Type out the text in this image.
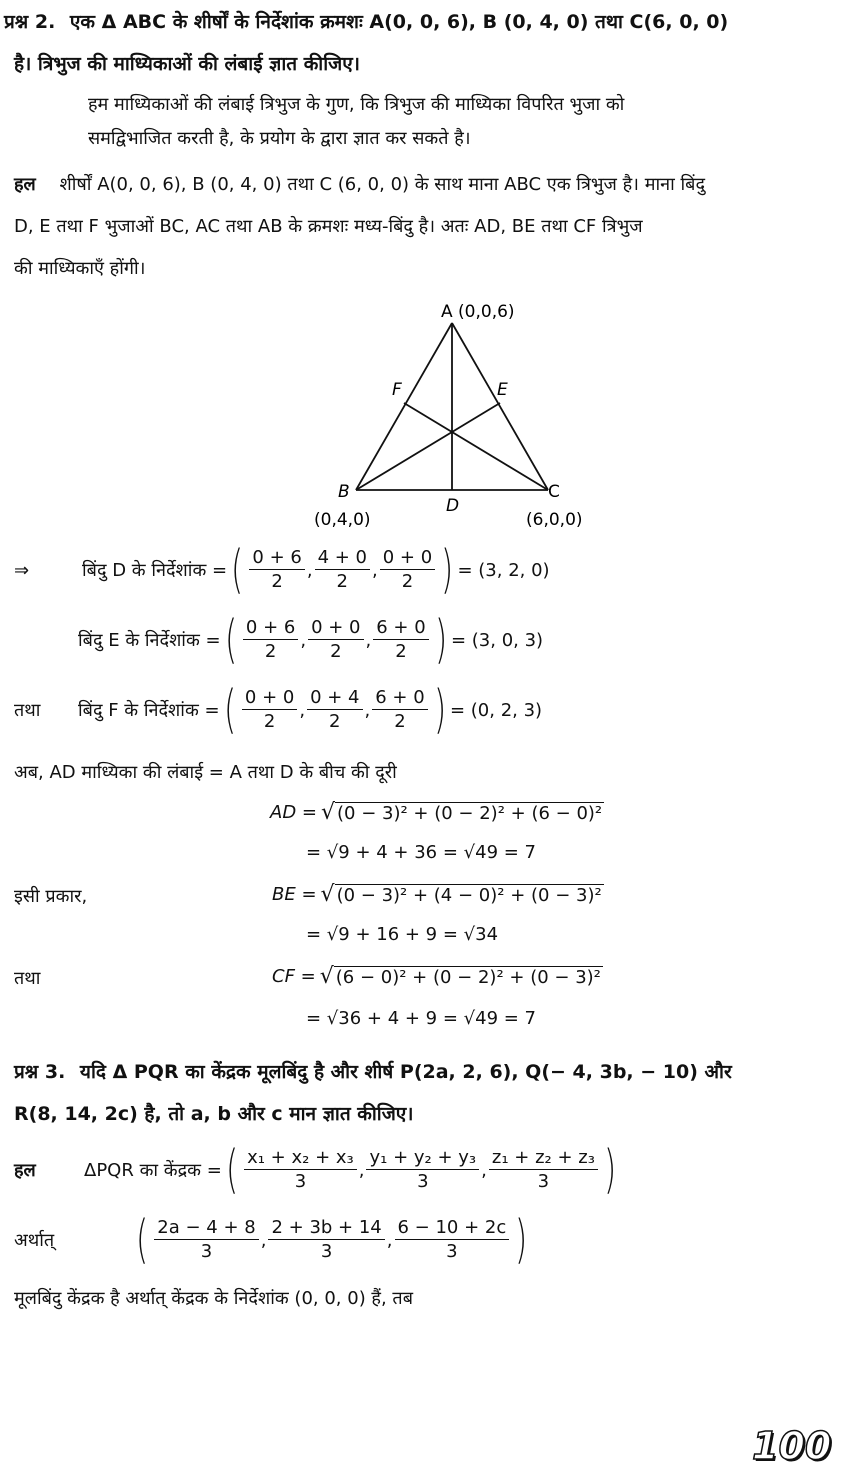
प्रश्न 2. एक Δ ABC के शीर्षों के निर्देशांक क्रमशः A(0, 0, 6), B (0, 4, 0) तथा C(6, 0, 0)
है। त्रिभुज की माध्यिकाओं की लंबाई ज्ञात कीजिए।
हम माध्यिकाओं की लंबाई त्रिभुज के गुण, कि त्रिभुज की माध्यिका विपरित भुजा को
समद्विभाजित करती है, के प्रयोग के द्वारा ज्ञात कर सकते है।
हल शीर्षों A(0, 0, 6), B (0, 4, 0) तथा C (6, 0, 0) के साथ माना ABC एक त्रिभुज है। माना बिंदु
D, E तथा F भुजाओं BC, AC तथा AB के क्रमशः मध्य-बिंदु है। अतः AD, BE तथा CF त्रिभुज
की माध्यिकाएँ होंगी।
A (0,0,6)
F	E
B	C
D
(0,4,0)	(6,0,0)
⇒	बिंदु D के निर्देशांक = ( $\frac{0 + 6}{2}$ , $\frac{4 + 0}{2}$ , $\frac{0 + 0}{2}$ ) = (3, 2, 0)
बिंदु E के निर्देशांक = ( $\frac{0 + 6}{2}$ , $\frac{0 + 0}{2}$ , $\frac{6 + 0}{2}$ ) = (3, 0, 3)
तथा	बिंदु F के निर्देशांक = ( $\frac{0 + 0}{2}$ , $\frac{0 + 4}{2}$ , $\frac{6 + 0}{2}$ ) = (0, 2, 3)
अब, AD माध्यिका की लंबाई = A तथा D के बीच की दूरी
AD = √ (0 − 3)² + (0 − 2)² + (6 − 0)²
= √9 + 4 + 36 = √49 = 7
इसी प्रकार,	BE = √ (0 − 3)² + (4 − 0)² + (0 − 3)²
= √9 + 16 + 9 = √34
तथा	CF = √ (6 − 0)² + (0 − 2)² + (0 − 3)²
= √36 + 4 + 9 = √49 = 7
प्रश्न 3. यदि Δ PQR का केंद्रक मूलबिंदु है और शीर्ष P(2a, 2, 6), Q(− 4, 3b, − 10) और
R(8, 14, 2c) है, तो a, b और c मान ज्ञात कीजिए।
हल	ΔPQR का केंद्रक = ( $\frac{\text{x₁ + x₂ + x₃}}{3}$ , $\frac{\text{y₁ + y₂ + y₃}}{3}$ , $\frac{\text{z₁ + z₂ + z₃}}{3}$ )
अर्थात्	( $\frac{2a - 4 + 8}{3}$ , $\frac{2 + 3b + 14}{3}$ , $\frac{6 - 10 + 2c}{3}$ )
मूलबिंदु केंद्रक है अर्थात् केंद्रक के निर्देशांक (0, 0, 0) हैं, तब
100
